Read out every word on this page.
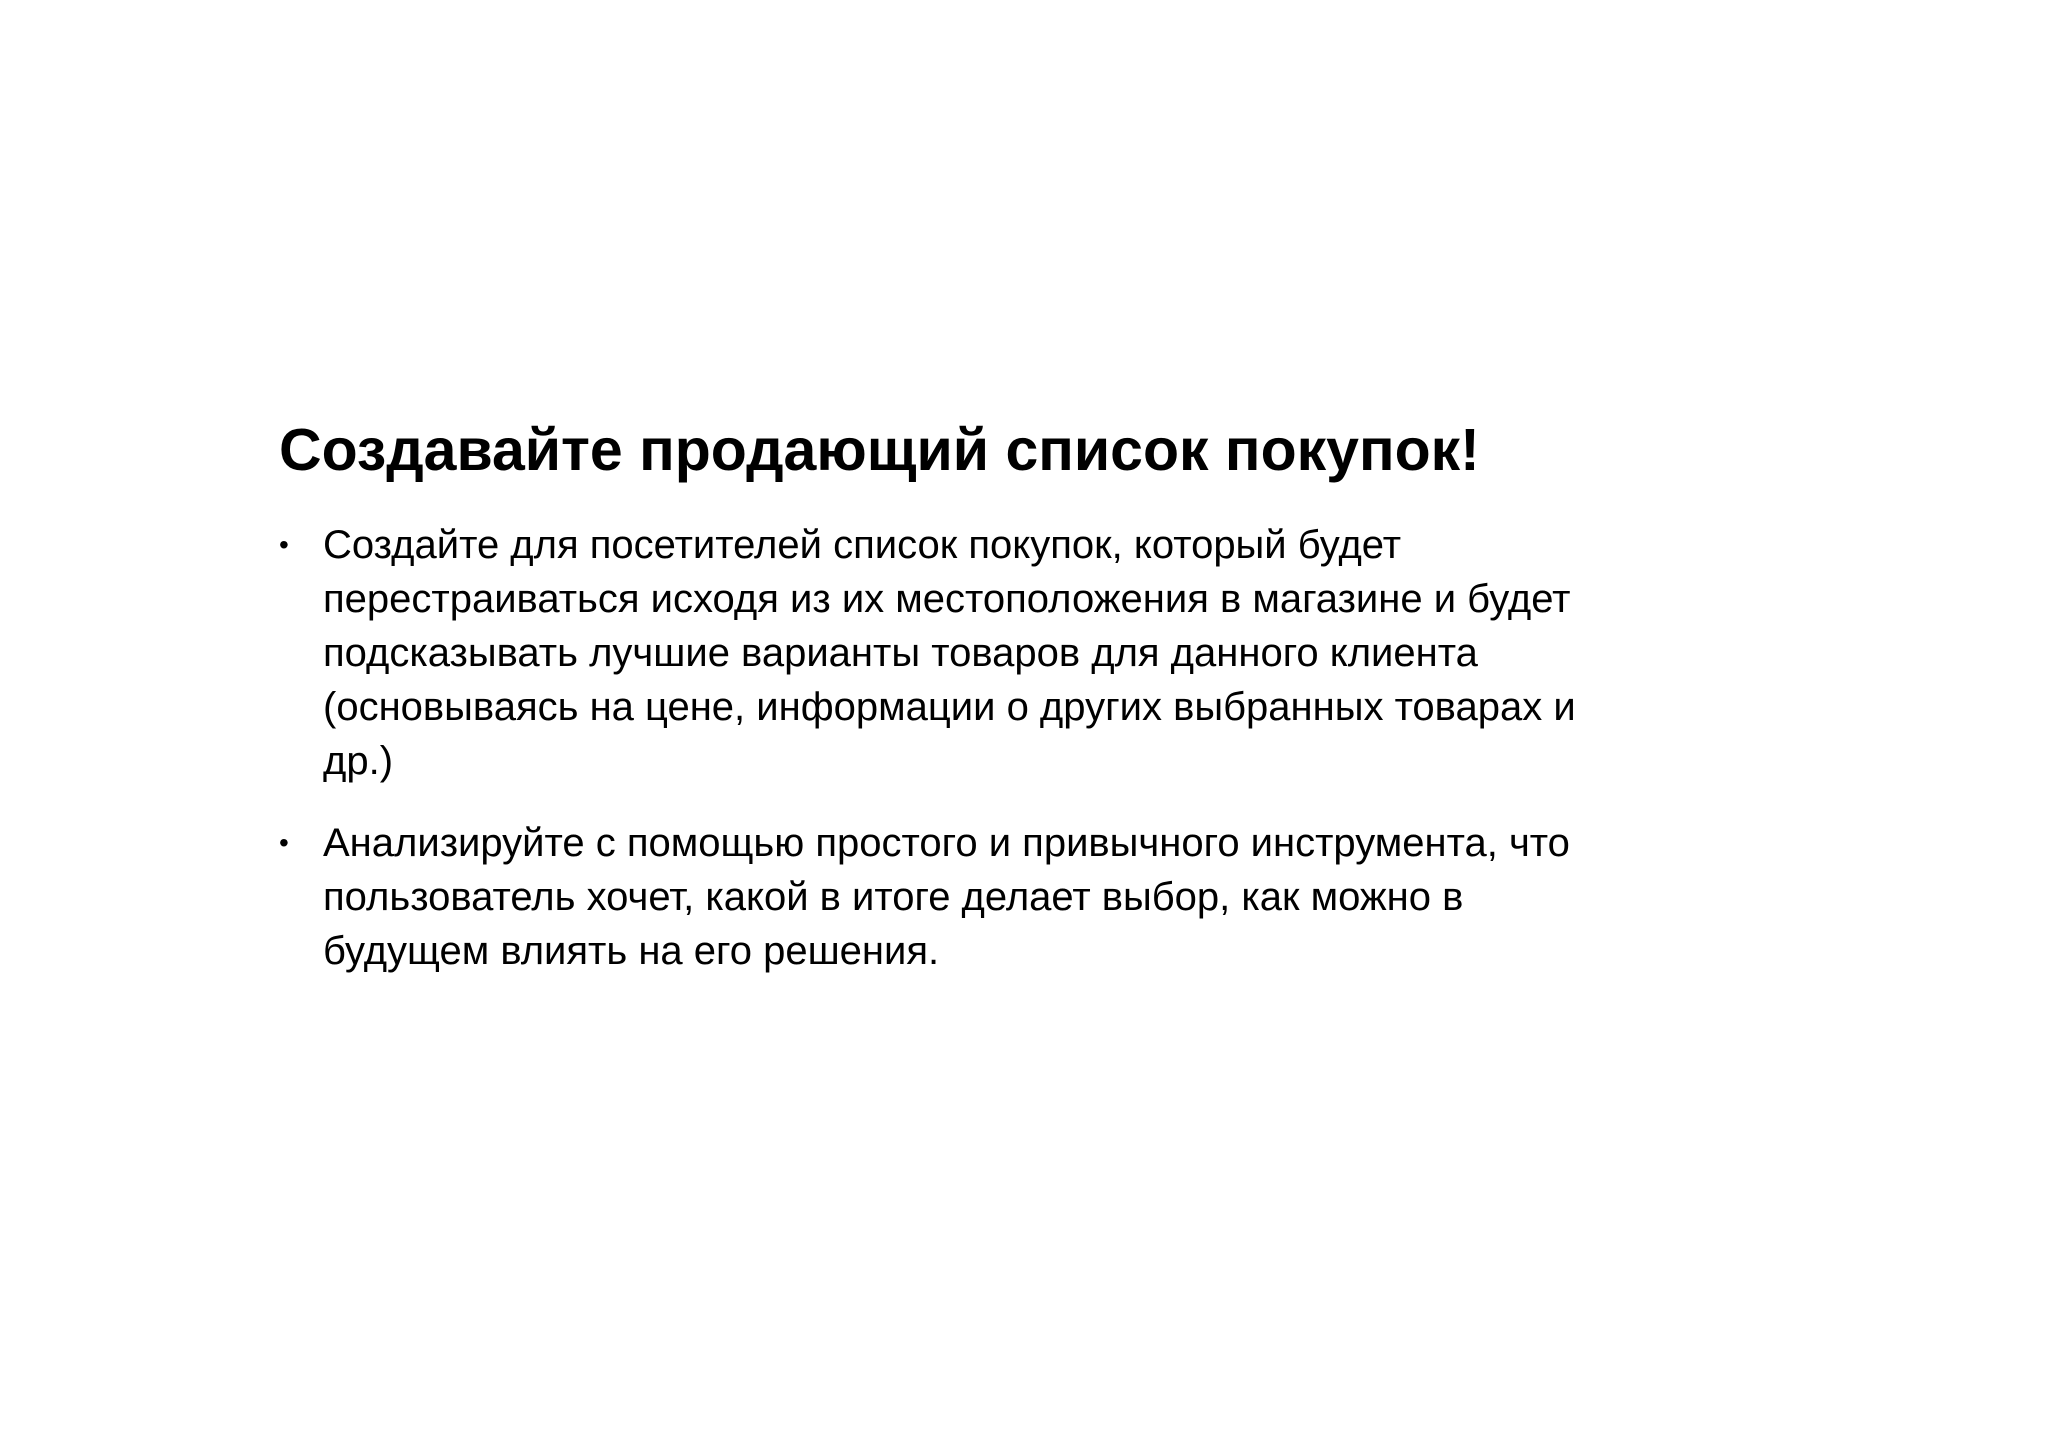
Создавайте продающий список покупок!
• Создайте для посетителей список покупок, который будет
перестраиваться исходя из их местоположения в магазине и будет
подсказывать лучшие варианты товаров для данного клиента
(основываясь на цене, информации о других выбранных товарах и
др.)
• Анализируйте с помощью простого и привычного инструмента, что
пользователь хочет, какой в итоге делает выбор, как можно в
будущем влиять на его решения.
